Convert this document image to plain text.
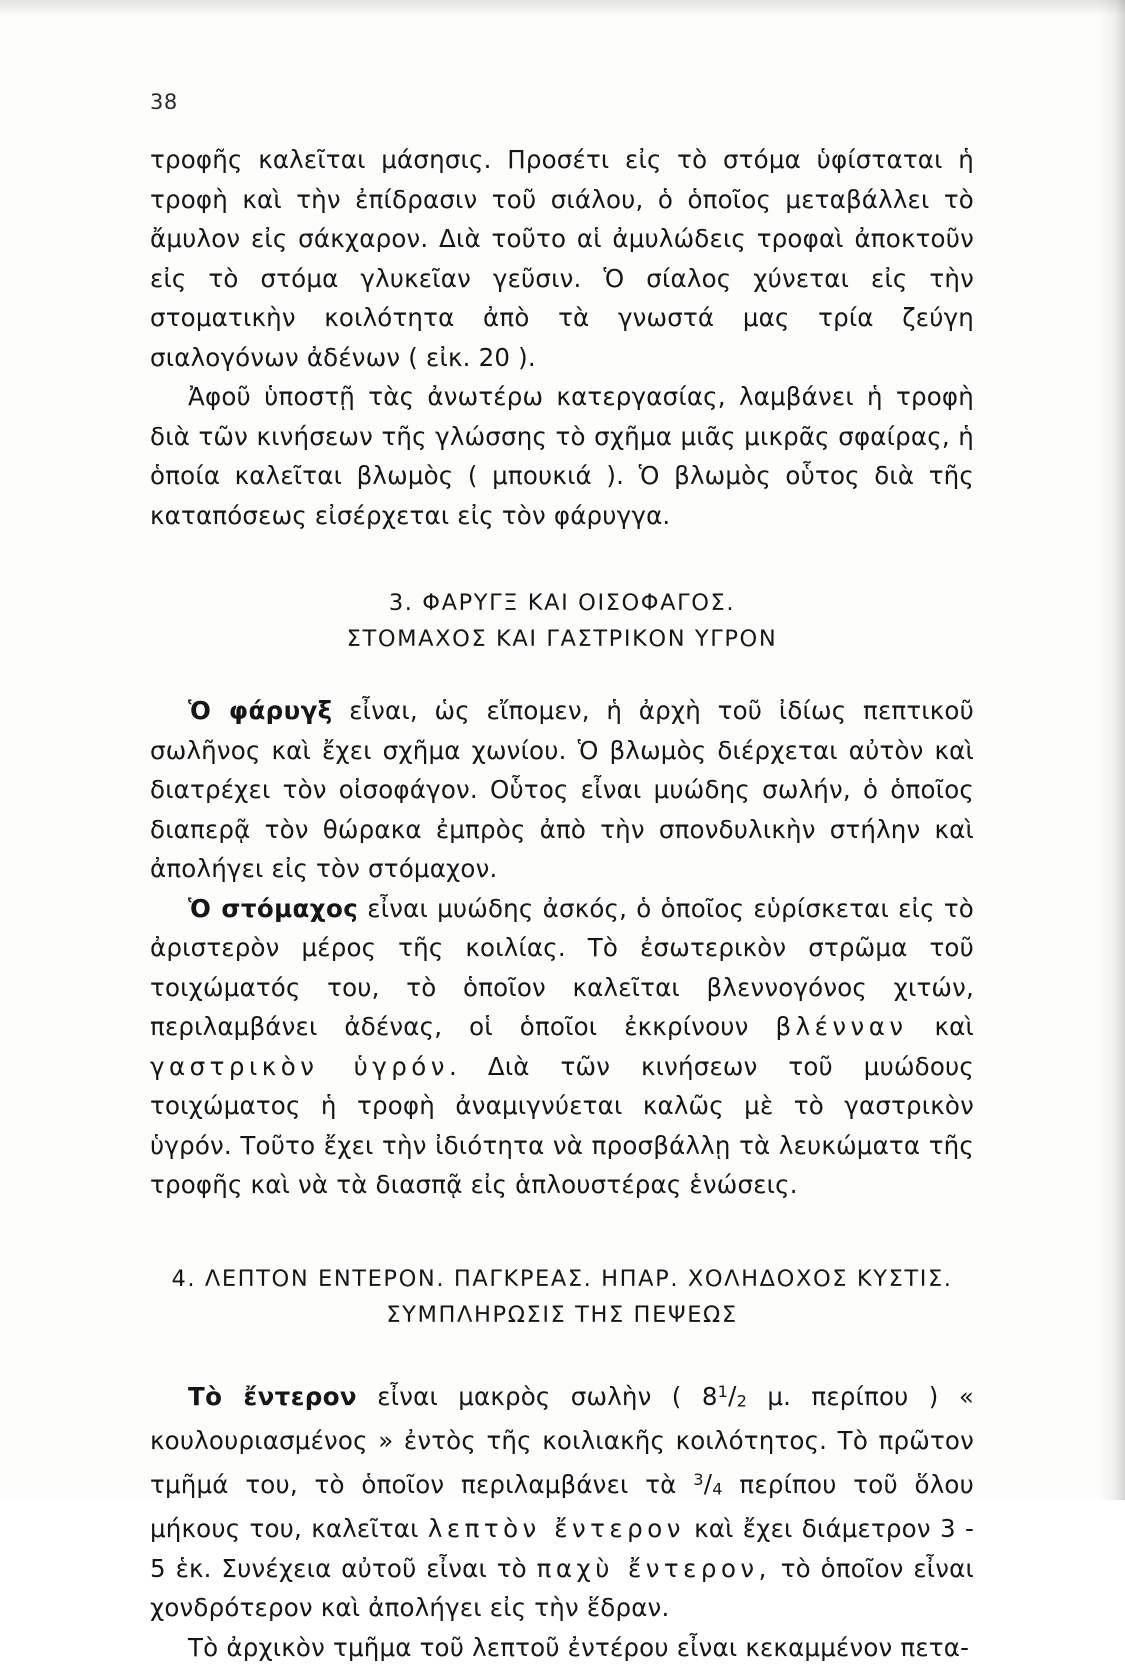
38

τροφῆς καλεῖται μάσησις. Προσέτι εἰς τὸ στόμα ὑφίσταται ἡ τροφὴ καὶ τὴν ἐπίδρασιν τοῦ σιάλου, ὁ ὁποῖος μεταβάλλει τὸ ἄμυλον εἰς σάκχαρον. Διὰ τοῦτο αἱ ἀμυλώδεις τροφαὶ ἀποκτοῦν εἰς τὸ στόμα γλυκεῖαν γεῦσιν. Ὁ σίαλος χύνεται εἰς τὴν στοματικὴν κοιλότητα ἀπὸ τὰ γνωστά μας τρία ζεύγη σιαλογόνων ἀδένων ( εἰκ. 20 ).

Ἀφοῦ ὑποστῇ τὰς ἀνωτέρω κατεργασίας, λαμβάνει ἡ τροφὴ διὰ τῶν κινήσεων τῆς γλώσσης τὸ σχῆμα μιᾶς μικρᾶς σφαίρας, ἡ ὁποία καλεῖται βλωμὸς ( μπουκιά ). Ὁ βλωμὸς οὗτος διὰ τῆς καταπόσεως εἰσέρχεται εἰς τὸν φάρυγγα.

3. ΦΑΡΥΓΞ ΚΑΙ ΟΙΣΟΦΑΓΟΣ.

ΣΤΟΜΑΧΟΣ ΚΑΙ ΓΑΣΤΡΙΚΟΝ ΥΓΡΟΝ

Ὁ φάρυγξ εἶναι, ὡς εἴπομεν, ἡ ἀρχὴ τοῦ ἰδίως πεπτικοῦ σωλῆνος καὶ ἔχει σχῆμα χωνίου. Ὁ βλωμὸς διέρχεται αὐτὸν καὶ διατρέχει τὸν οἰσοφάγον. Οὗτος εἶναι μυώδης σωλήν, ὁ ὁποῖος διαπερᾷ τὸν θώρακα ἐμπρὸς ἀπὸ τὴν σπονδυλικὴν στήλην καὶ ἀπολήγει εἰς τὸν στόμαχον.

Ὁ στόμαχος εἶναι μυώδης ἀσκός, ὁ ὁποῖος εὑρίσκεται εἰς τὸ ἀριστερὸν μέρος τῆς κοιλίας. Τὸ ἐσωτερικὸν στρῶμα τοῦ τοιχώματός του, τὸ ὁποῖον καλεῖται βλεννογόνος χιτών, περιλαμβάνει ἀδένας, οἱ ὁποῖοι ἐκκρίνουν βλένναν καὶ γαστρικὸν ὑγρόν. Διὰ τῶν κινήσεων τοῦ μυώδους τοιχώματος ἡ τροφὴ ἀναμιγνύεται καλῶς μὲ τὸ γαστρικὸν ὑγρόν. Τοῦτο ἔχει τὴν ἰδιότητα νὰ προσβάλλῃ τὰ λευκώματα τῆς τροφῆς καὶ νὰ τὰ διασπᾷ εἰς ἁπλουστέρας ἑνώσεις.

4. ΛΕΠΤΟΝ ΕΝΤΕΡΟΝ. ΠΑΓΚΡΕΑΣ. ΗΠΑΡ. ΧΟΛΗΔΟΧΟΣ ΚΥΣΤΙΣ.

ΣΥΜΠΛΗΡΩΣΙΣ ΤΗΣ ΠΕΨΕΩΣ

Τὸ ἔντερον εἶναι μακρὸς σωλὴν ( $8^1/2$ μ. περίπου ) « κουλουριασμένος » ἐντὸς τῆς κοιλιακῆς κοιλότητος. Τὸ πρῶτον τμῆμά του, τὸ ὁποῖον περιλαμβάνει τὰ $^3$/4 περίπου τοῦ ὅλου μήκους του, καλεῖται λεπτὸν ἔντερον καὶ ἔχει διάμετρον 3 - 5 ἑκ. Συνέχεια αὐτοῦ εἶναι τὸ παχὺ ἔντερον, τὸ ὁποῖον εἶναι χονδρότερον καὶ ἀπολήγει εἰς τὴν ἕδραν.

Τὸ ἀρχικὸν τμῆμα τοῦ λεπτοῦ ἐντέρου εἶναι κεκαμμένον πετα-
